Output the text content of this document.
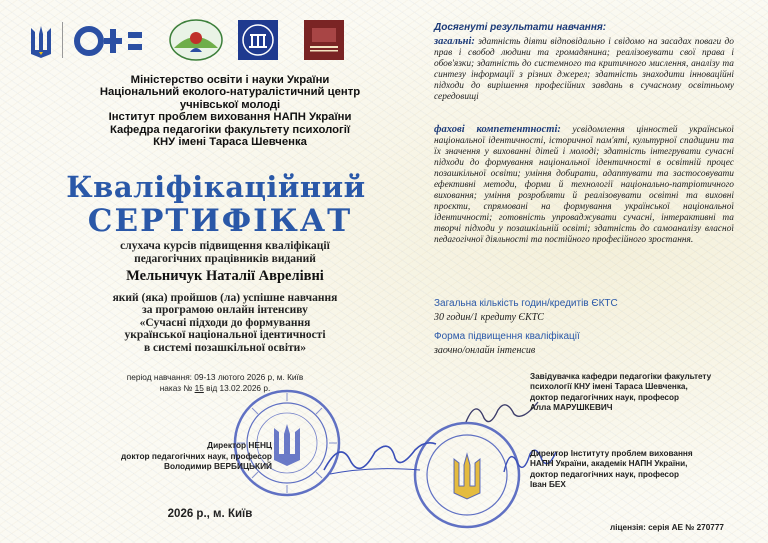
Міністерство освіти і науки України
Національний еколого-натуралістичний центр
учнівської молоді
Інститут проблем виховання НАПН України
Кафедра педагогіки факультету психології
КНУ імені Тараса Шевченка
Кваліфікаційний
СЕРТИФІКАТ
слухача курсів підвищення кваліфікації
педагогічних працівників виданий
Мельничук Наталії Аврелівні
який (яка) пройшов (ла) успішне навчання
за програмою онлайн інтенсиву
«Сучасні підходи до формування
української національної ідентичності
в системі позашкільної освіти»
період навчання: 09-13 лютого 2026 р, м. Київ
наказ № 15 від 13.02.2026 р.
Директор НЕНЦ
доктор педагогічних наук, професор
Володимир ВЕРБИЦЬКИЙ
2026 р., м. Київ
Досягнуті результати навчання:
загальні: здатність діяти відповідально і свідомо на засадах поваги до прав і свобод людини та громадянина; реалізовувати свої права і обов'язки; здатність до системного та критичного мислення, аналізу та синтезу інформації з різних джерел; здатність знаходити інноваційні підходи до вирішення професійних завдань в сучасному освітньому середовищі
фахові компетентності: усвідомлення цінностей української національної ідентичності, історичної пам'яті, культурної спадщини та їх значення у вихованні дітей і молоді; здатність інтегрувати сучасні підходи до формування національної ідентичності в освітній процес позашкільної освіти; уміння добирати, адаптувати та застосовувати ефективні методи, форми й технології національно-патріотичного виховання; уміння розробляти й реалізовувати освітні та виховні проєкти, спрямовані на формування української національної ідентичності; готовність упроваджувати сучасні, інтерактивні та творчі підходи у позашкільній освіті; здатність до самоаналізу власної педагогічної діяльності та постійного професійного зростання.
Загальна кількість годин/кредитів ЄКТС
30 годин/1 кредиту ЄКТС
Форма підвищення кваліфікації
заочно/онлайн інтенсив
Завідувачка кафедри педагогіки факультету
психології КНУ імені Тараса Шевченка,
доктор педагогічних наук, професор
Алла МАРУШКЕВИЧ
Директор Інституту проблем виховання
НАПН України, академік НАПН України,
доктор педагогічних наук, професор
Іван БЕХ
ліцензія: серія АЕ № 270777
